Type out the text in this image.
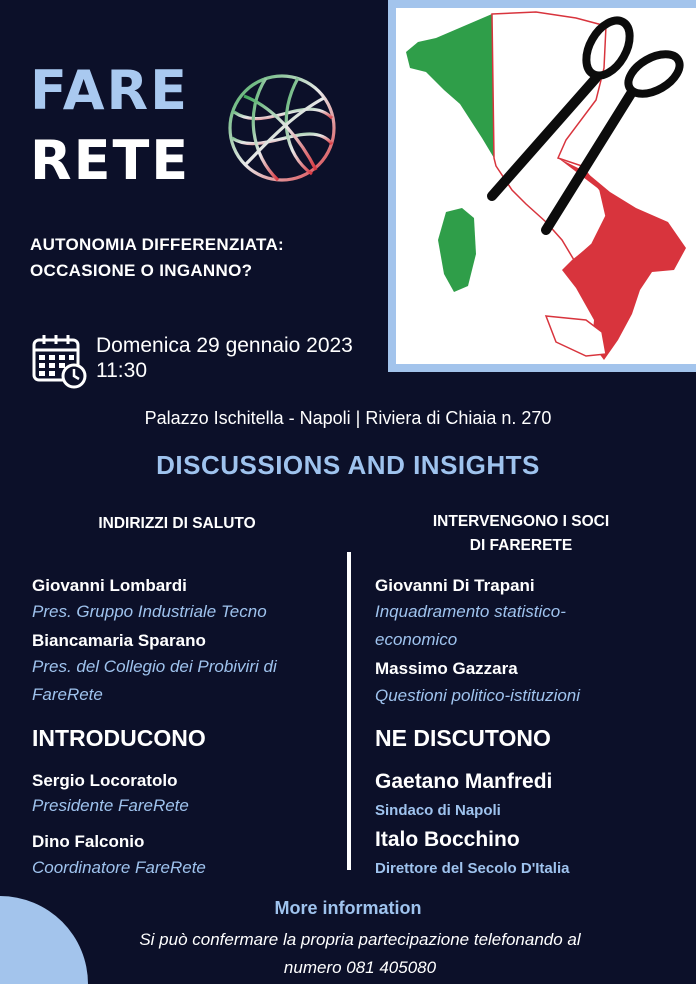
FARE
RETE
AUTONOMIA DIFFERENZIATA:
OCCASIONE O INGANNO?
Domenica 29 gennaio 2023
11:30
Palazzo Ischitella - Napoli | Riviera di Chiaia n. 270
DISCUSSIONS AND INSIGHTS
INDIRIZZI DI SALUTO	INTERVENGONO I SOCI
DI FARERETE
Giovanni Lombardi
Pres. Gruppo Industriale Tecno
Biancamaria Sparano
Pres. del Collegio dei Probiviri di
FareRete
INTRODUCONO
Sergio Locoratolo
Presidente FareRete
Dino Falconio
Coordinatore FareRete
Giovanni Di Trapani
Inquadramento statistico-
economico
Massimo Gazzara
Questioni politico-istituzioni
NE DISCUTONO
Gaetano Manfredi
Sindaco di Napoli
Italo Bocchino
Direttore del Secolo D'Italia
More information
Si può confermare la propria partecipazione telefonando al
numero 081 405080
